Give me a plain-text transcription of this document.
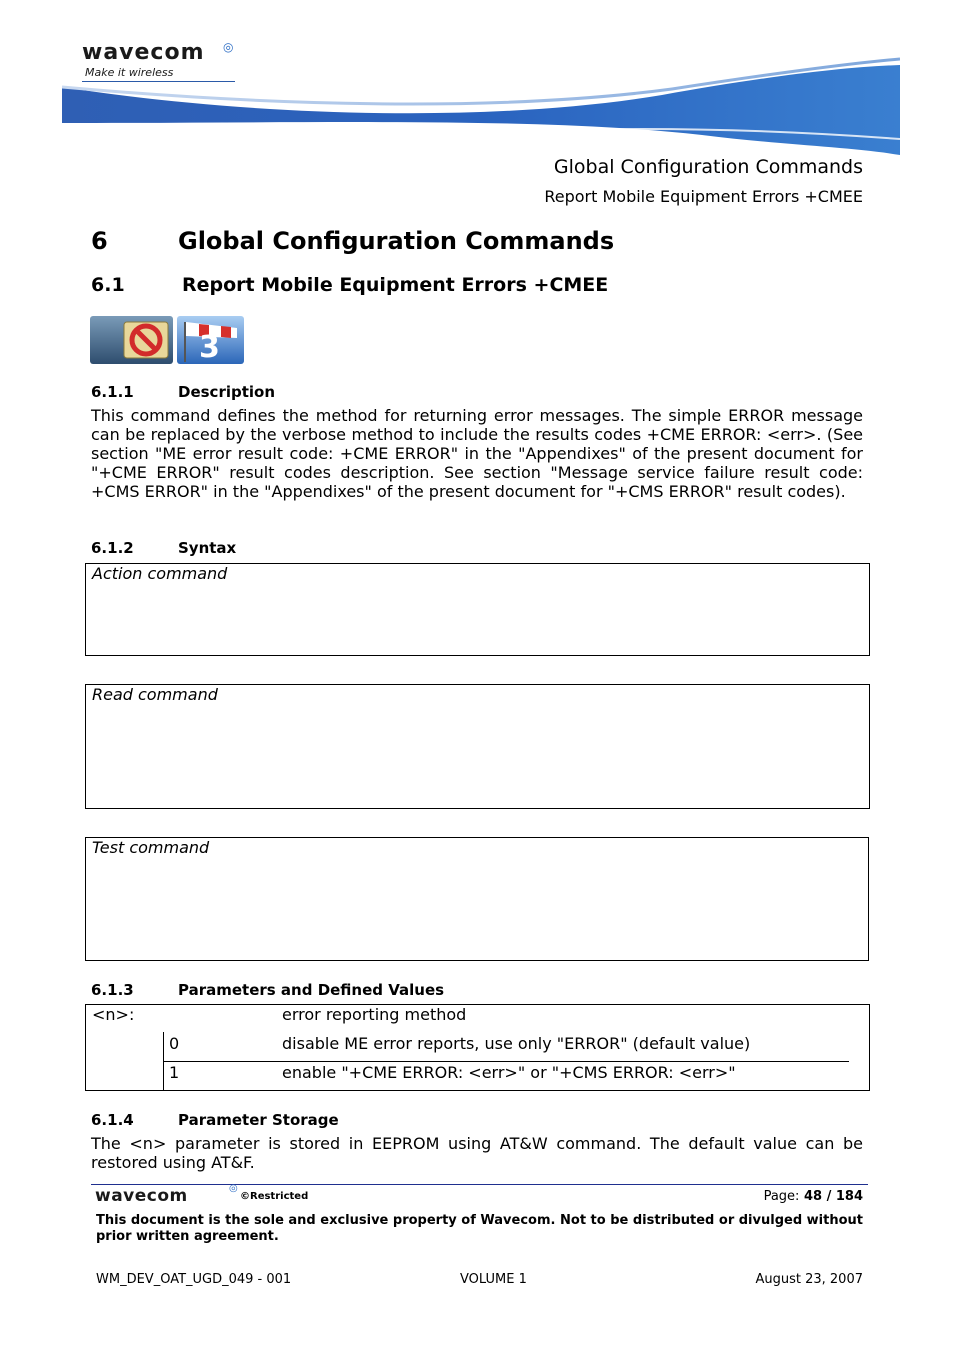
wavecom ◎
Make it wireless
Global Configuration Commands
Report Mobile Equipment Errors +CMEE
6	Global Configuration Commands
6.1	Report Mobile Equipment Errors +CMEE
3
6.1.1	Description
This command defines the method for returning error messages. The simple ERROR message can be replaced by the verbose method to include the results codes +CME ERROR: <err>. (See section "ME error result code: +CME ERROR" in the "Appendixes" of the present document for "+CME ERROR" result codes description. See section "Message service failure result code: +CMS ERROR" in the "Appendixes" of the present document for "+CMS ERROR" result codes).
6.1.2	Syntax
Action command
Read command
Test command
6.1.3	Parameters and Defined Values
<n>:	error reporting method
0	disable ME error reports, use only "ERROR" (default value)
1	enable "+CME ERROR: <err>" or "+CMS ERROR: <err>"
6.1.4	Parameter Storage
The <n> parameter is stored in EEPROM using AT&W command. The default value can be restored using AT&F.
wavecom	◎
©Restricted	Page: 48 / 184
This document is the sole and exclusive property of Wavecom. Not to be distributed or divulged without prior written agreement.
WM_DEV_OAT_UGD_049 - 001	VOLUME 1	August 23, 2007
